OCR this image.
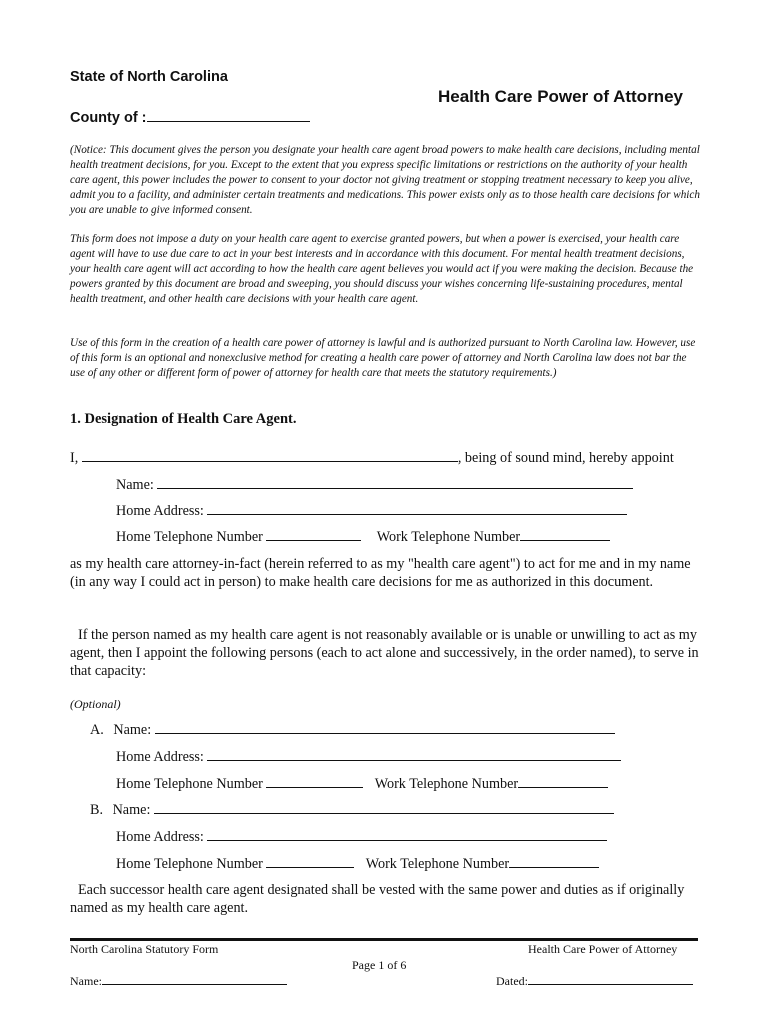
State of North Carolina
Health Care Power of Attorney
County of :
(Notice: This document gives the person you designate your health care agent broad powers to make health care decisions, including mental health treatment decisions, for you. Except to the extent that you express specific limitations or restrictions on the authority of your health care agent, this power includes the power to consent to your doctor not giving treatment or stopping treatment necessary to keep you alive, admit you to a facility, and administer certain treatments and medications. This power exists only as to those health care decisions for which you are unable to give informed consent.
This form does not impose a duty on your health care agent to exercise granted powers, but when a power is exercised, your health care agent will have to use due care to act in your best interests and in accordance with this document. For mental health treatment decisions, your health care agent will act according to how the health care agent believes you would act if you were making the decision. Because the powers granted by this document are broad and sweeping, you should discuss your wishes concerning life-sustaining procedures, mental health treatment, and other health care decisions with your health care agent.
Use of this form in the creation of a health care power of attorney is lawful and is authorized pursuant to North Carolina law. However, use of this form is an optional and nonexclusive method for creating a health care power of attorney and North Carolina law does not bar the use of any other or different form of power of attorney for health care that meets the statutory requirements.)
1. Designation of Health Care Agent.
I,	, being of sound mind, hereby appoint
Name:
Home Address:
Home Telephone Number	Work Telephone Number
as my health care attorney-in-fact (herein referred to as my "health care agent") to act for me and in my name (in any way I could act in person) to make health care decisions for me as authorized in this document.
If the person named as my health care agent is not reasonably available or is unable or unwilling to act as my agent, then I appoint the following persons (each to act alone and successively, in the order named), to serve in that capacity:
(Optional)
A. Name:
Home Address:
Home Telephone Number	Work Telephone Number
B. Name:
Home Address:
Home Telephone Number	Work Telephone Number
Each successor health care agent designated shall be vested with the same power and duties as if originally named as my health care agent.
North Carolina Statutory Form	Health Care Power of Attorney
Page 1 of 6
Name:	Dated:
